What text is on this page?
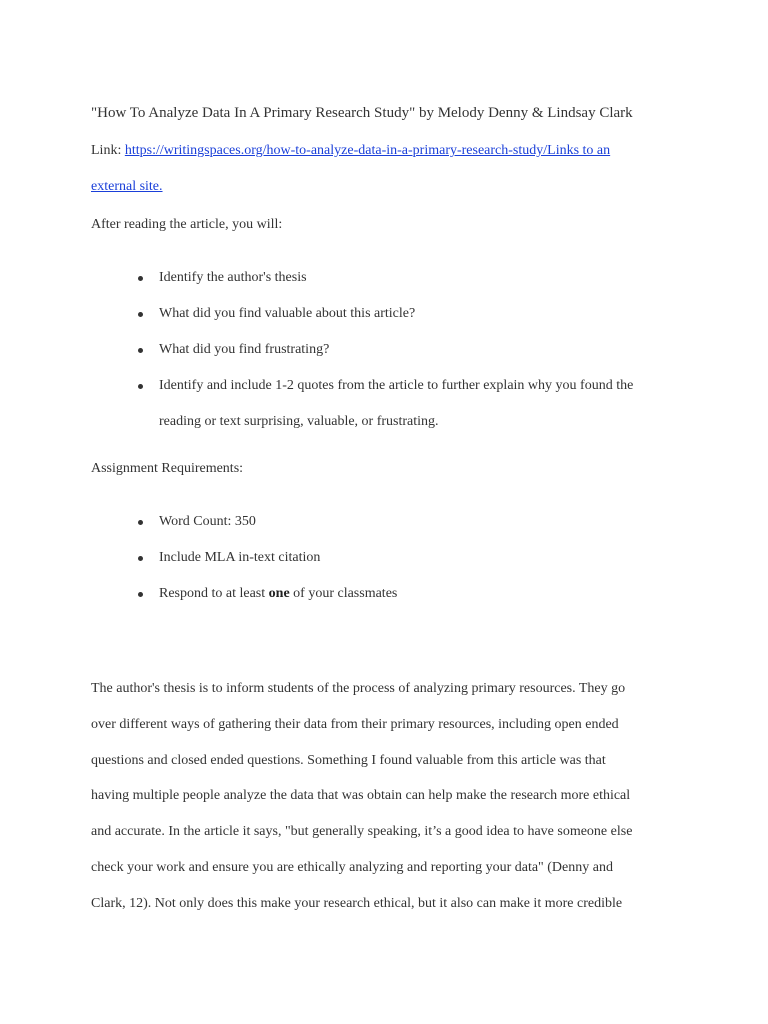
"How To Analyze Data In A Primary Research Study" by Melody Denny & Lindsay Clark
Link: https://writingspaces.org/how-to-analyze-data-in-a-primary-research-study/Links to an
external site.
After reading the article, you will:
Identify the author's thesis
What did you find valuable about this article?
What did you find frustrating?
Identify and include 1-2 quotes from the article to further explain why you found the
reading or text surprising, valuable, or frustrating.
Assignment Requirements:
Word Count: 350
Include MLA in-text citation
Respond to at least one of your classmates
The author's thesis is to inform students of the process of analyzing primary resources. They go
over different ways of gathering their data from their primary resources, including open ended
questions and closed ended questions. Something I found valuable from this article was that
having multiple people analyze the data that was obtain can help make the research more ethical
and accurate. In the article it says, "but generally speaking, it’s a good idea to have someone else
check your work and ensure you are ethically analyzing and reporting your data" (Denny and
Clark, 12). Not only does this make your research ethical, but it also can make it more credible
